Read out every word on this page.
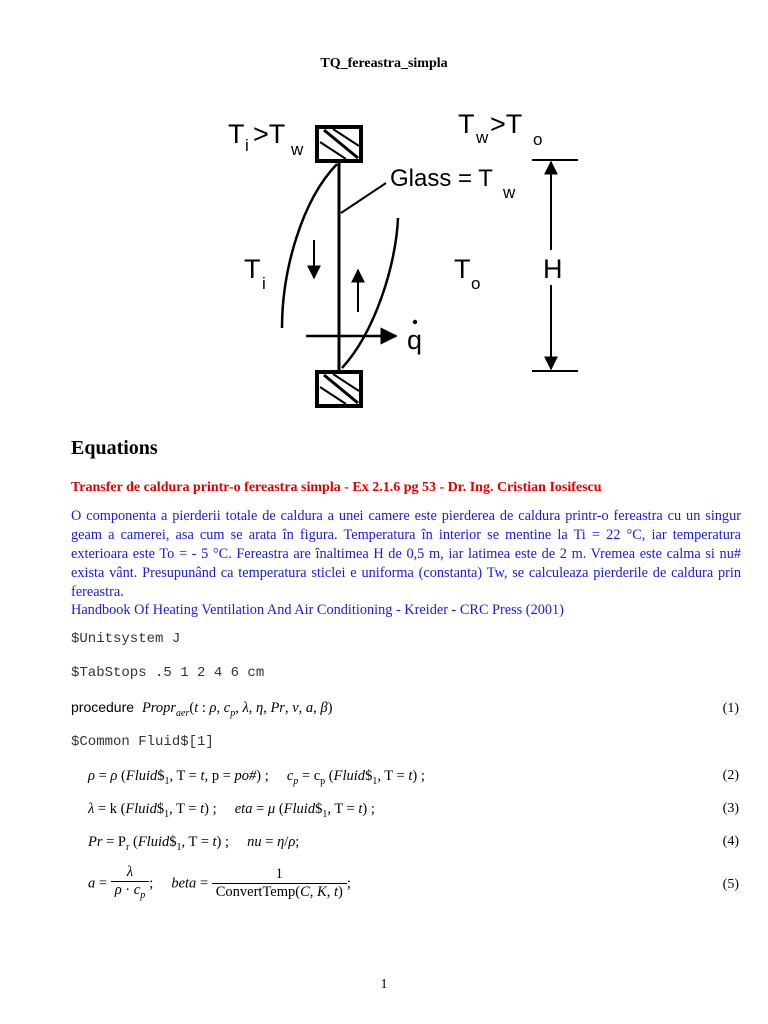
TQ_fereastra_simpla
T i >T
w
T w >T
o
Glass = T
w
T i	T o H
q
Equations
Transfer de caldura printr-o fereastra simpla - Ex 2.1.6 pg 53 - Dr. Ing. Cristian Iosifescu
O componenta a pierderii totale de caldura a unei camere este pierderea de caldura printr-o fereastra cu un singur geam a camerei, asa cum se arata în figura. Temperatura în interior se mentine la Ti = 22 °C, iar temperatura exterioara este To = - 5 °C. Fereastra are înaltimea H de 0,5 m, iar latimea este de 2 m. Vremea este calma si nu# exista vânt. Presupunând ca temperatura sticlei e uniforma (constanta) Tw, se calculeaza pierderile de caldura prin fereastra.
Handbook Of Heating Ventilation And Air Conditioning - Kreider - CRC Press (2001)
$Unitsystem J
$TabStops .5 1 2 4 6 cm
procedure Propr$_{aer}$(t : ρ, $c_p$, λ, η, Pr, ν, a, β)	(1)
$Common Fluid$[1]
ρ = ρ ($Fluid\$_1$, T = t, p = po#) ;     $c_p = c_p$ ($Fluid\$_1$, T = t) ;	(2)
λ = k ($Fluid\$_1$, T = t) ;     eta = μ ($Fluid\$_1$, T = t) ;	(3)
$Pr = P_r$ ($Fluid\$_1$, T = t) ;     nu = η/ρ;	(4)
$a = \frac{\lambda}{\rho \cdot c_p}$ ;     beta = $\frac{1}{\text{ConvertTemp(C, K, t)}}$ ;	(5)
1
